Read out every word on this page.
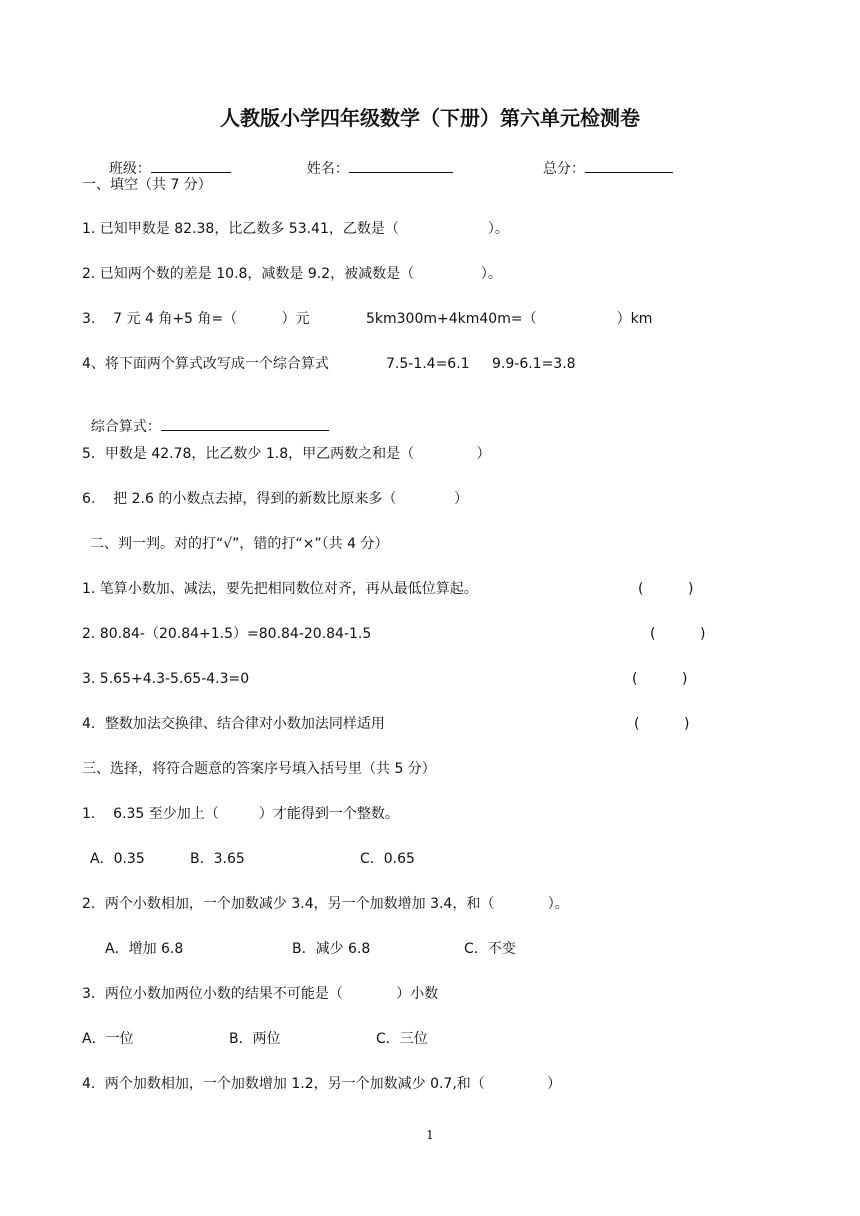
人教版小学四年级数学（下册）第六单元检测卷

班级：	姓名：	总分：

一、填空（共 7 分）
1. 已知甲数是 82.38，比乙数多 53.41，乙数是（                    ）。
2. 已知两个数的差是 10.8，减数是 9.2，被减数是（               ）。
3.    7 元 4 角+5 角=（          ）元	5km300m+4km40m=（                  ）km
4、将下面两个算式改写成一个综合算式	7.5-1.4=6.1 9.9-6.1=3.8

综合算式：

5．甲数是 42.78，比乙数少 1.8，甲乙两数之和是（              ）
6.    把 2.6 的小数点去掉，得到的新数比原来多（             ）
二、判一判。对的打“√”，错的打“×”（共 4 分）
1. 笔算小数加、减法，要先把相同数位对齐，再从最低位算起。	(          )
2. 80.84-（20.84+1.5）=80.84-20.84-1.5	(          )
3. 5.65+4.3-5.65-4.3=0	(          )
4．整数加法交换律、结合律对小数加法同样适用	(          )
三、选择，将符合题意的答案序号填入括号里（共 5 分）
1.    6.35 至少加上（         ）才能得到一个整数。
A．0.35	B．3.65	C．0.65
2．两个小数相加，一个加数减少 3.4，另一个加数增加 3.4，和（            ）。
A．增加 6.8	B．减少 6.8	C．不变
3．两位小数加两位小数的结果不可能是（            ）小数
A．一位	B．两位	C．三位
4．两个加数相加，一个加数增加 1.2，另一个加数减少 0.7,和（              ）
1
